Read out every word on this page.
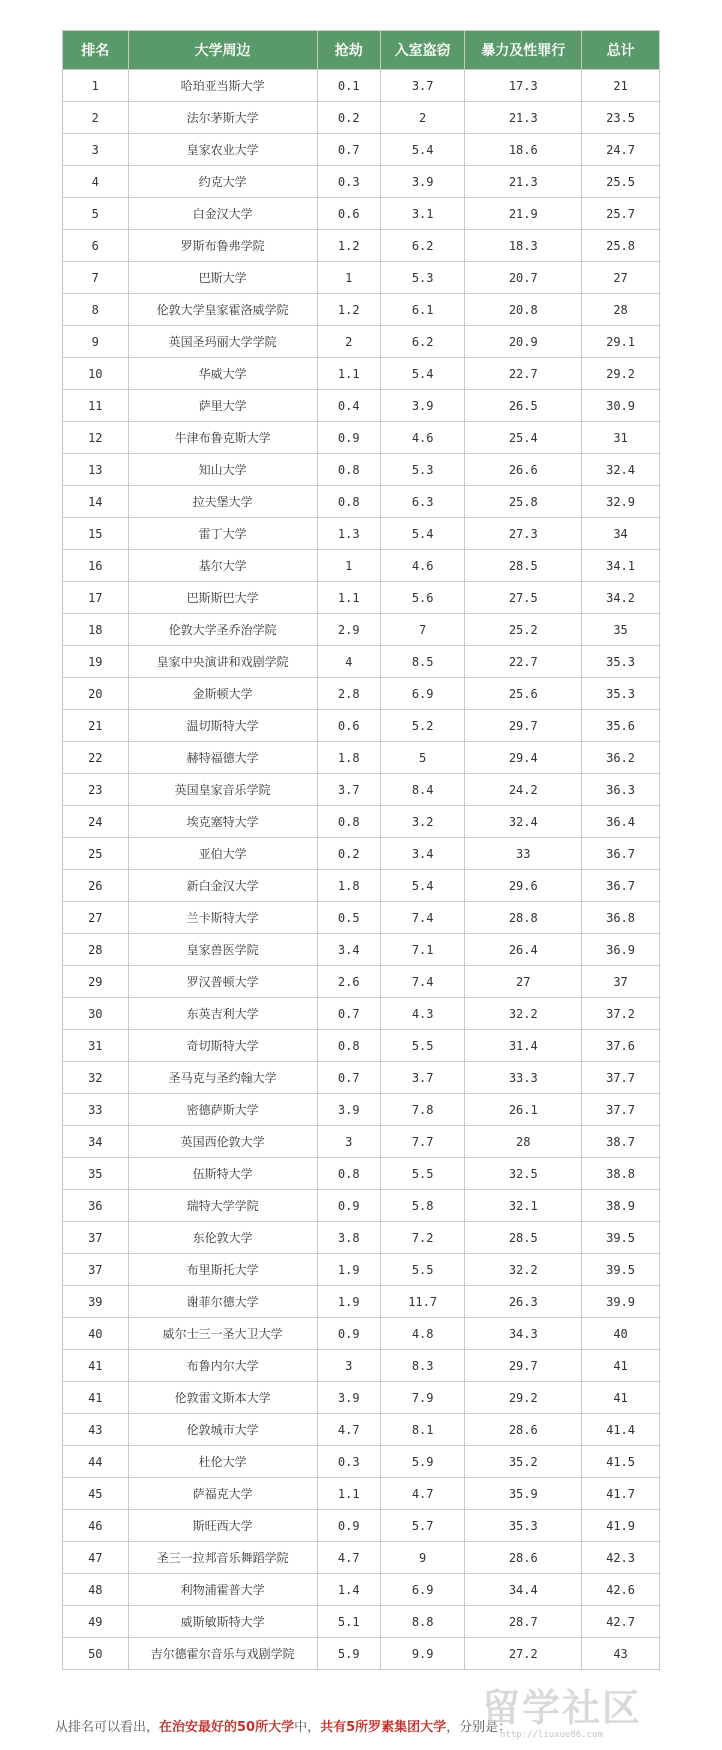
排名	大学周边	抢劫	入室盗窃	暴力及性罪行	总计
1	哈珀亚当斯大学	0.1	3.7	17.3	21
2	法尔茅斯大学	0.2	2	21.3	23.5
3	皇家农业大学	0.7	5.4	18.6	24.7
4	约克大学	0.3	3.9	21.3	25.5
5	白金汉大学	0.6	3.1	21.9	25.7
6	罗斯布鲁弗学院	1.2	6.2	18.3	25.8
7	巴斯大学	1	5.3	20.7	27
8	伦敦大学皇家霍洛威学院	1.2	6.1	20.8	28
9	英国圣玛丽大学学院	2	6.2	20.9	29.1
10	华威大学	1.1	5.4	22.7	29.2
11	萨里大学	0.4	3.9	26.5	30.9
12	牛津布鲁克斯大学	0.9	4.6	25.4	31
13	知山大学	0.8	5.3	26.6	32.4
14	拉夫堡大学	0.8	6.3	25.8	32.9
15	雷丁大学	1.3	5.4	27.3	34
16	基尔大学	1	4.6	28.5	34.1
17	巴斯斯巴大学	1.1	5.6	27.5	34.2
18	伦敦大学圣乔治学院	2.9	7	25.2	35
19	皇家中央演讲和戏剧学院	4	8.5	22.7	35.3
20	金斯顿大学	2.8	6.9	25.6	35.3
21	温切斯特大学	0.6	5.2	29.7	35.6
22	赫特福德大学	1.8	5	29.4	36.2
23	英国皇家音乐学院	3.7	8.4	24.2	36.3
24	埃克塞特大学	0.8	3.2	32.4	36.4
25	亚伯大学	0.2	3.4	33	36.7
26	新白金汉大学	1.8	5.4	29.6	36.7
27	兰卡斯特大学	0.5	7.4	28.8	36.8
28	皇家兽医学院	3.4	7.1	26.4	36.9
29	罗汉普顿大学	2.6	7.4	27	37
30	东英吉利大学	0.7	4.3	32.2	37.2
31	奇切斯特大学	0.8	5.5	31.4	37.6
32	圣马克与圣约翰大学	0.7	3.7	33.3	37.7
33	密德萨斯大学	3.9	7.8	26.1	37.7
34	英国西伦敦大学	3	7.7	28	38.7
35	伍斯特大学	0.8	5.5	32.5	38.8
36	瑞特大学学院	0.9	5.8	32.1	38.9
37	东伦敦大学	3.8	7.2	28.5	39.5
37	布里斯托大学	1.9	5.5	32.2	39.5
39	谢菲尔德大学	1.9	11.7	26.3	39.9
40	威尔士三一圣大卫大学	0.9	4.8	34.3	40
41	布鲁内尔大学	3	8.3	29.7	41
41	伦敦雷文斯本大学	3.9	7.9	29.2	41
43	伦敦城市大学	4.7	8.1	28.6	41.4
44	杜伦大学	0.3	5.9	35.2	41.5
45	萨福克大学	1.1	4.7	35.9	41.7
46	斯旺西大学	0.9	5.7	35.3	41.9
47	圣三一拉邦音乐舞蹈学院	4.7	9	28.6	42.3
48	利物浦霍普大学	1.4	6.9	34.4	42.6
49	威斯敏斯特大学	5.1	8.8	28.7	42.7
50	吉尔德霍尔音乐与戏剧学院	5.9	9.9	27.2	43
从排名可以看出，在治安最好的50所大学中，共有5所罗素集团大学，分别是：
留学社区
http://liuxue86.com
